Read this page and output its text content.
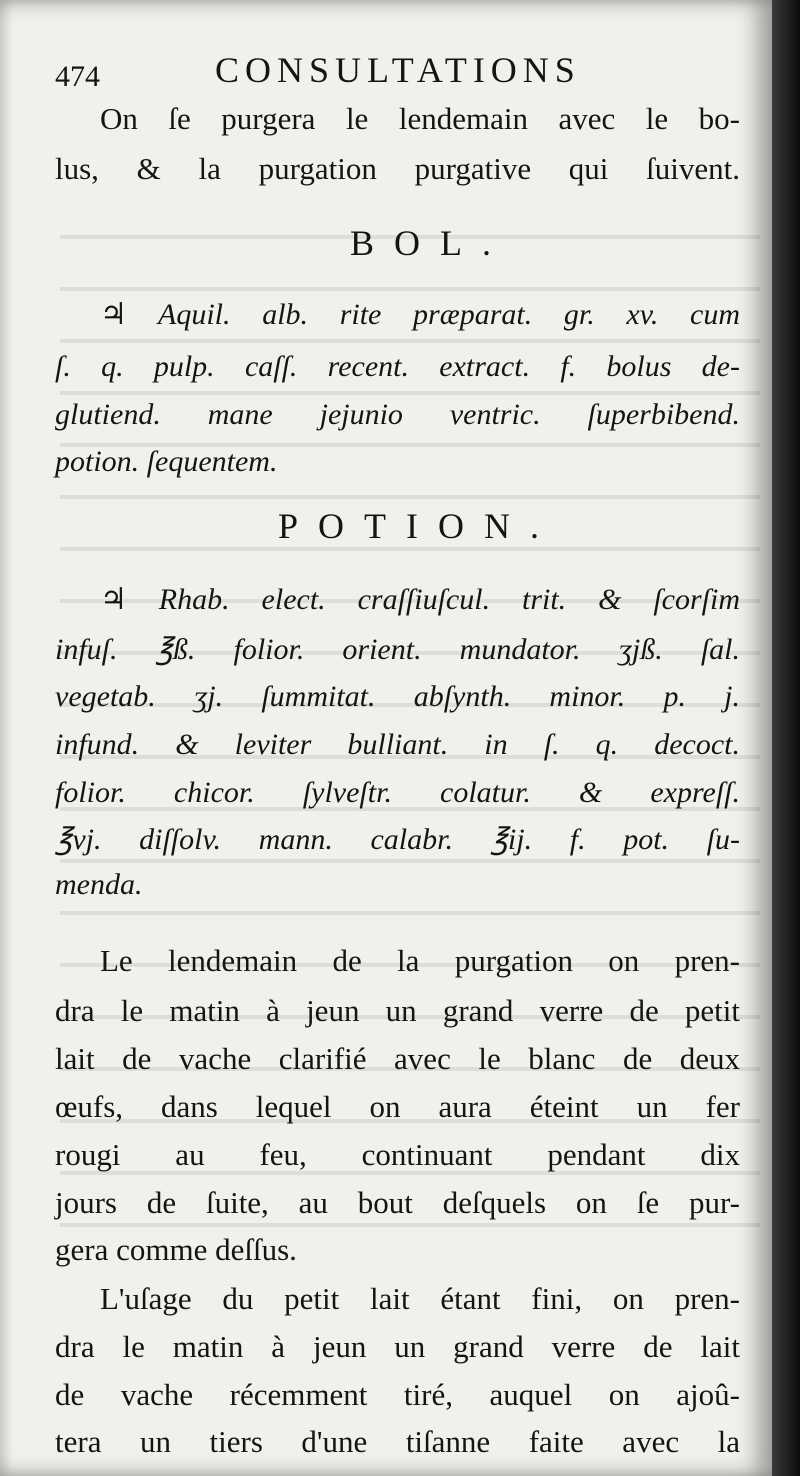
474	CONSULTATIONS
On ſe purgera le lendemain avec le bo-
lus, & la purgation purgative qui ſuivent.
BOL.
♃ Aquil. alb. rite præparat. gr. xv. cum
ſ. q. pulp. caſſ. recent. extract. f. bolus de-
glutiend. mane jejunio ventric. ſuperbibend.
potion. ſequentem.
POTION.
♃ Rhab. elect. craſſiuſcul. trit. & ſcorſim
infuſ. ℥ß. folior. orient. mundator. ʒjß. ſal.
vegetab. ʒj. ſummitat. abſynth. minor. p. j.
infund. & leviter bulliant. in ſ. q. decoct.
folior. chicor. ſylveſtr. colatur. & expreſſ.
℥vj. diſſolv. mann. calabr. ℥ij. f. pot. ſu-
menda.
Le lendemain de la purgation on pren-
dra le matin à jeun un grand verre de petit
lait de vache clarifié avec le blanc de deux
œufs, dans lequel on aura éteint un fer
rougi au feu, continuant pendant dix
jours de ſuite, au bout deſquels on ſe pur-
gera comme deſſus.
L'uſage du petit lait étant fini, on pren-
dra le matin à jeun un grand verre de lait
de vache récemment tiré, auquel on ajoû-
tera un tiers d'une tiſanne faite avec la
